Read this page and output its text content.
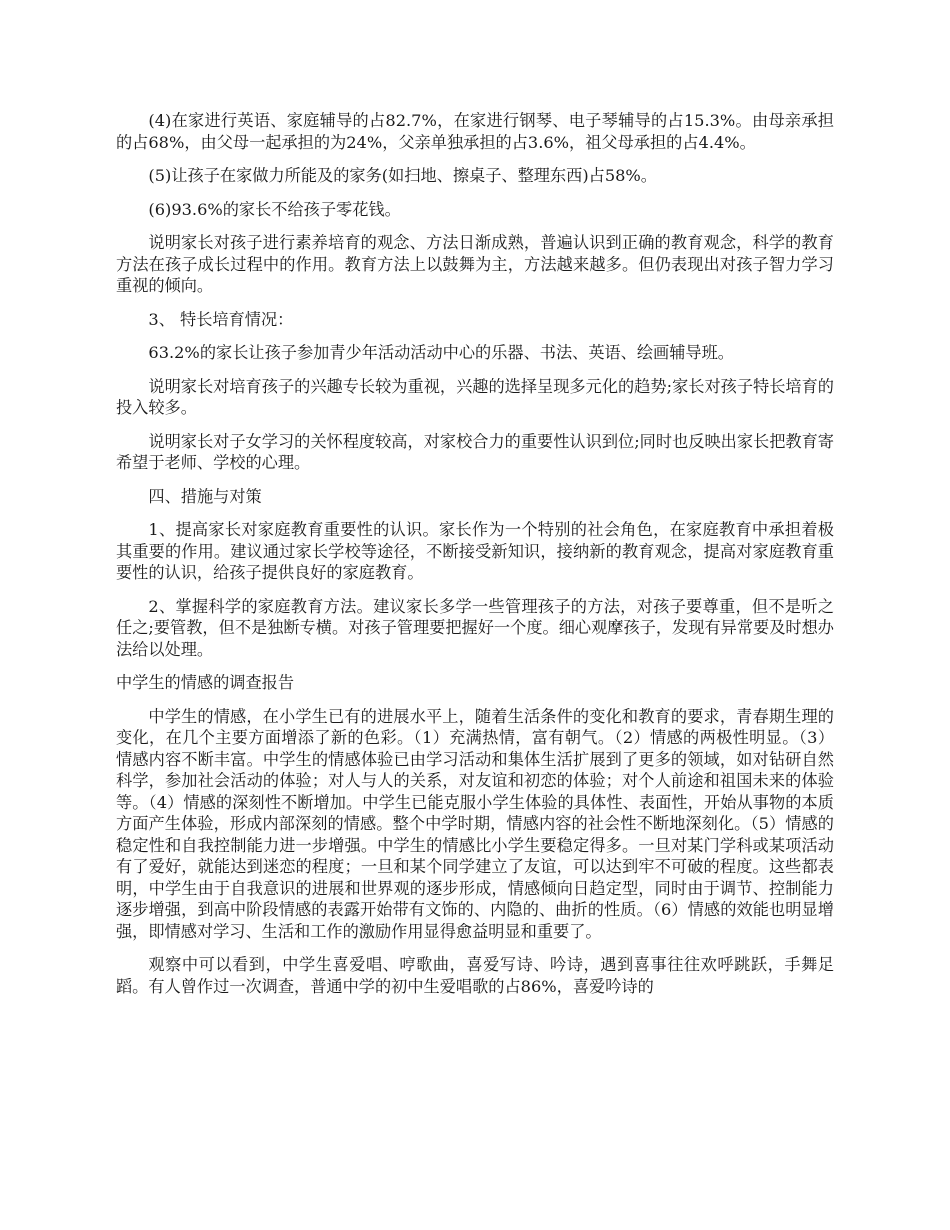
(4)在家进行英语、家庭辅导的占82.7%，在家进行钢琴、电子琴辅导的占15.3%。由母亲承担的占68%，由父母一起承担的为24%，父亲单独承担的占3.6%，祖父母承担的占4.4%。

(5)让孩子在家做力所能及的家务(如扫地、擦桌子、整理东西)占58%。

(6)93.6%的家长不给孩子零花钱。

说明家长对孩子进行素养培育的观念、方法日渐成熟，普遍认识到正确的教育观念，科学的教育方法在孩子成长过程中的作用。教育方法上以鼓舞为主，方法越来越多。但仍表现出对孩子智力学习重视的倾向。

3、 特长培育情况：

63.2%的家长让孩子参加青少年活动活动中心的乐器、书法、英语、绘画辅导班。

说明家长对培育孩子的兴趣专长较为重视，兴趣的选择呈现多元化的趋势;家长对孩子特长培育的投入较多。

说明家长对子女学习的关怀程度较高，对家校合力的重要性认识到位;同时也反映出家长把教育寄希望于老师、学校的心理。

四、措施与对策

1、提高家长对家庭教育重要性的认识。家长作为一个特别的社会角色，在家庭教育中承担着极其重要的作用。建议通过家长学校等途径，不断接受新知识，接纳新的教育观念，提高对家庭教育重要性的认识，给孩子提供良好的家庭教育。

2、掌握科学的家庭教育方法。建议家长多学一些管理孩子的方法，对孩子要尊重，但不是听之任之;要管教，但不是独断专横。对孩子管理要把握好一个度。细心观摩孩子，发现有异常要及时想办法给以处理。

中学生的情感的调查报告

中学生的情感，在小学生已有的进展水平上，随着生活条件的变化和教育的要求，青春期生理的变化，在几个主要方面增添了新的色彩。（1）充满热情，富有朝气。（2）情感的两极性明显。（3）情感内容不断丰富。中学生的情感体验已由学习活动和集体生活扩展到了更多的领域，如对钻研自然科学，参加社会活动的体验；对人与人的关系，对友谊和初恋的体验；对个人前途和祖国未来的体验等。（4）情感的深刻性不断增加。中学生已能克服小学生体验的具体性、表面性，开始从事物的本质方面产生体验，形成内部深刻的情感。整个中学时期，情感内容的社会性不断地深刻化。（5）情感的稳定性和自我控制能力进一步增强。中学生的情感比小学生要稳定得多。一旦对某门学科或某项活动有了爱好，就能达到迷恋的程度；一旦和某个同学建立了友谊，可以达到牢不可破的程度。这些都表明，中学生由于自我意识的进展和世界观的逐步形成，情感倾向日趋定型，同时由于调节、控制能力逐步增强，到高中阶段情感的表露开始带有文饰的、内隐的、曲折的性质。（6）情感的效能也明显增强，即情感对学习、生活和工作的激励作用显得愈益明显和重要了。

观察中可以看到，中学生喜爱唱、哼歌曲，喜爱写诗、吟诗，遇到喜事往往欢呼跳跃，手舞足蹈。有人曾作过一次调查，普通中学的初中生爱唱歌的占86%，喜爱吟诗的
